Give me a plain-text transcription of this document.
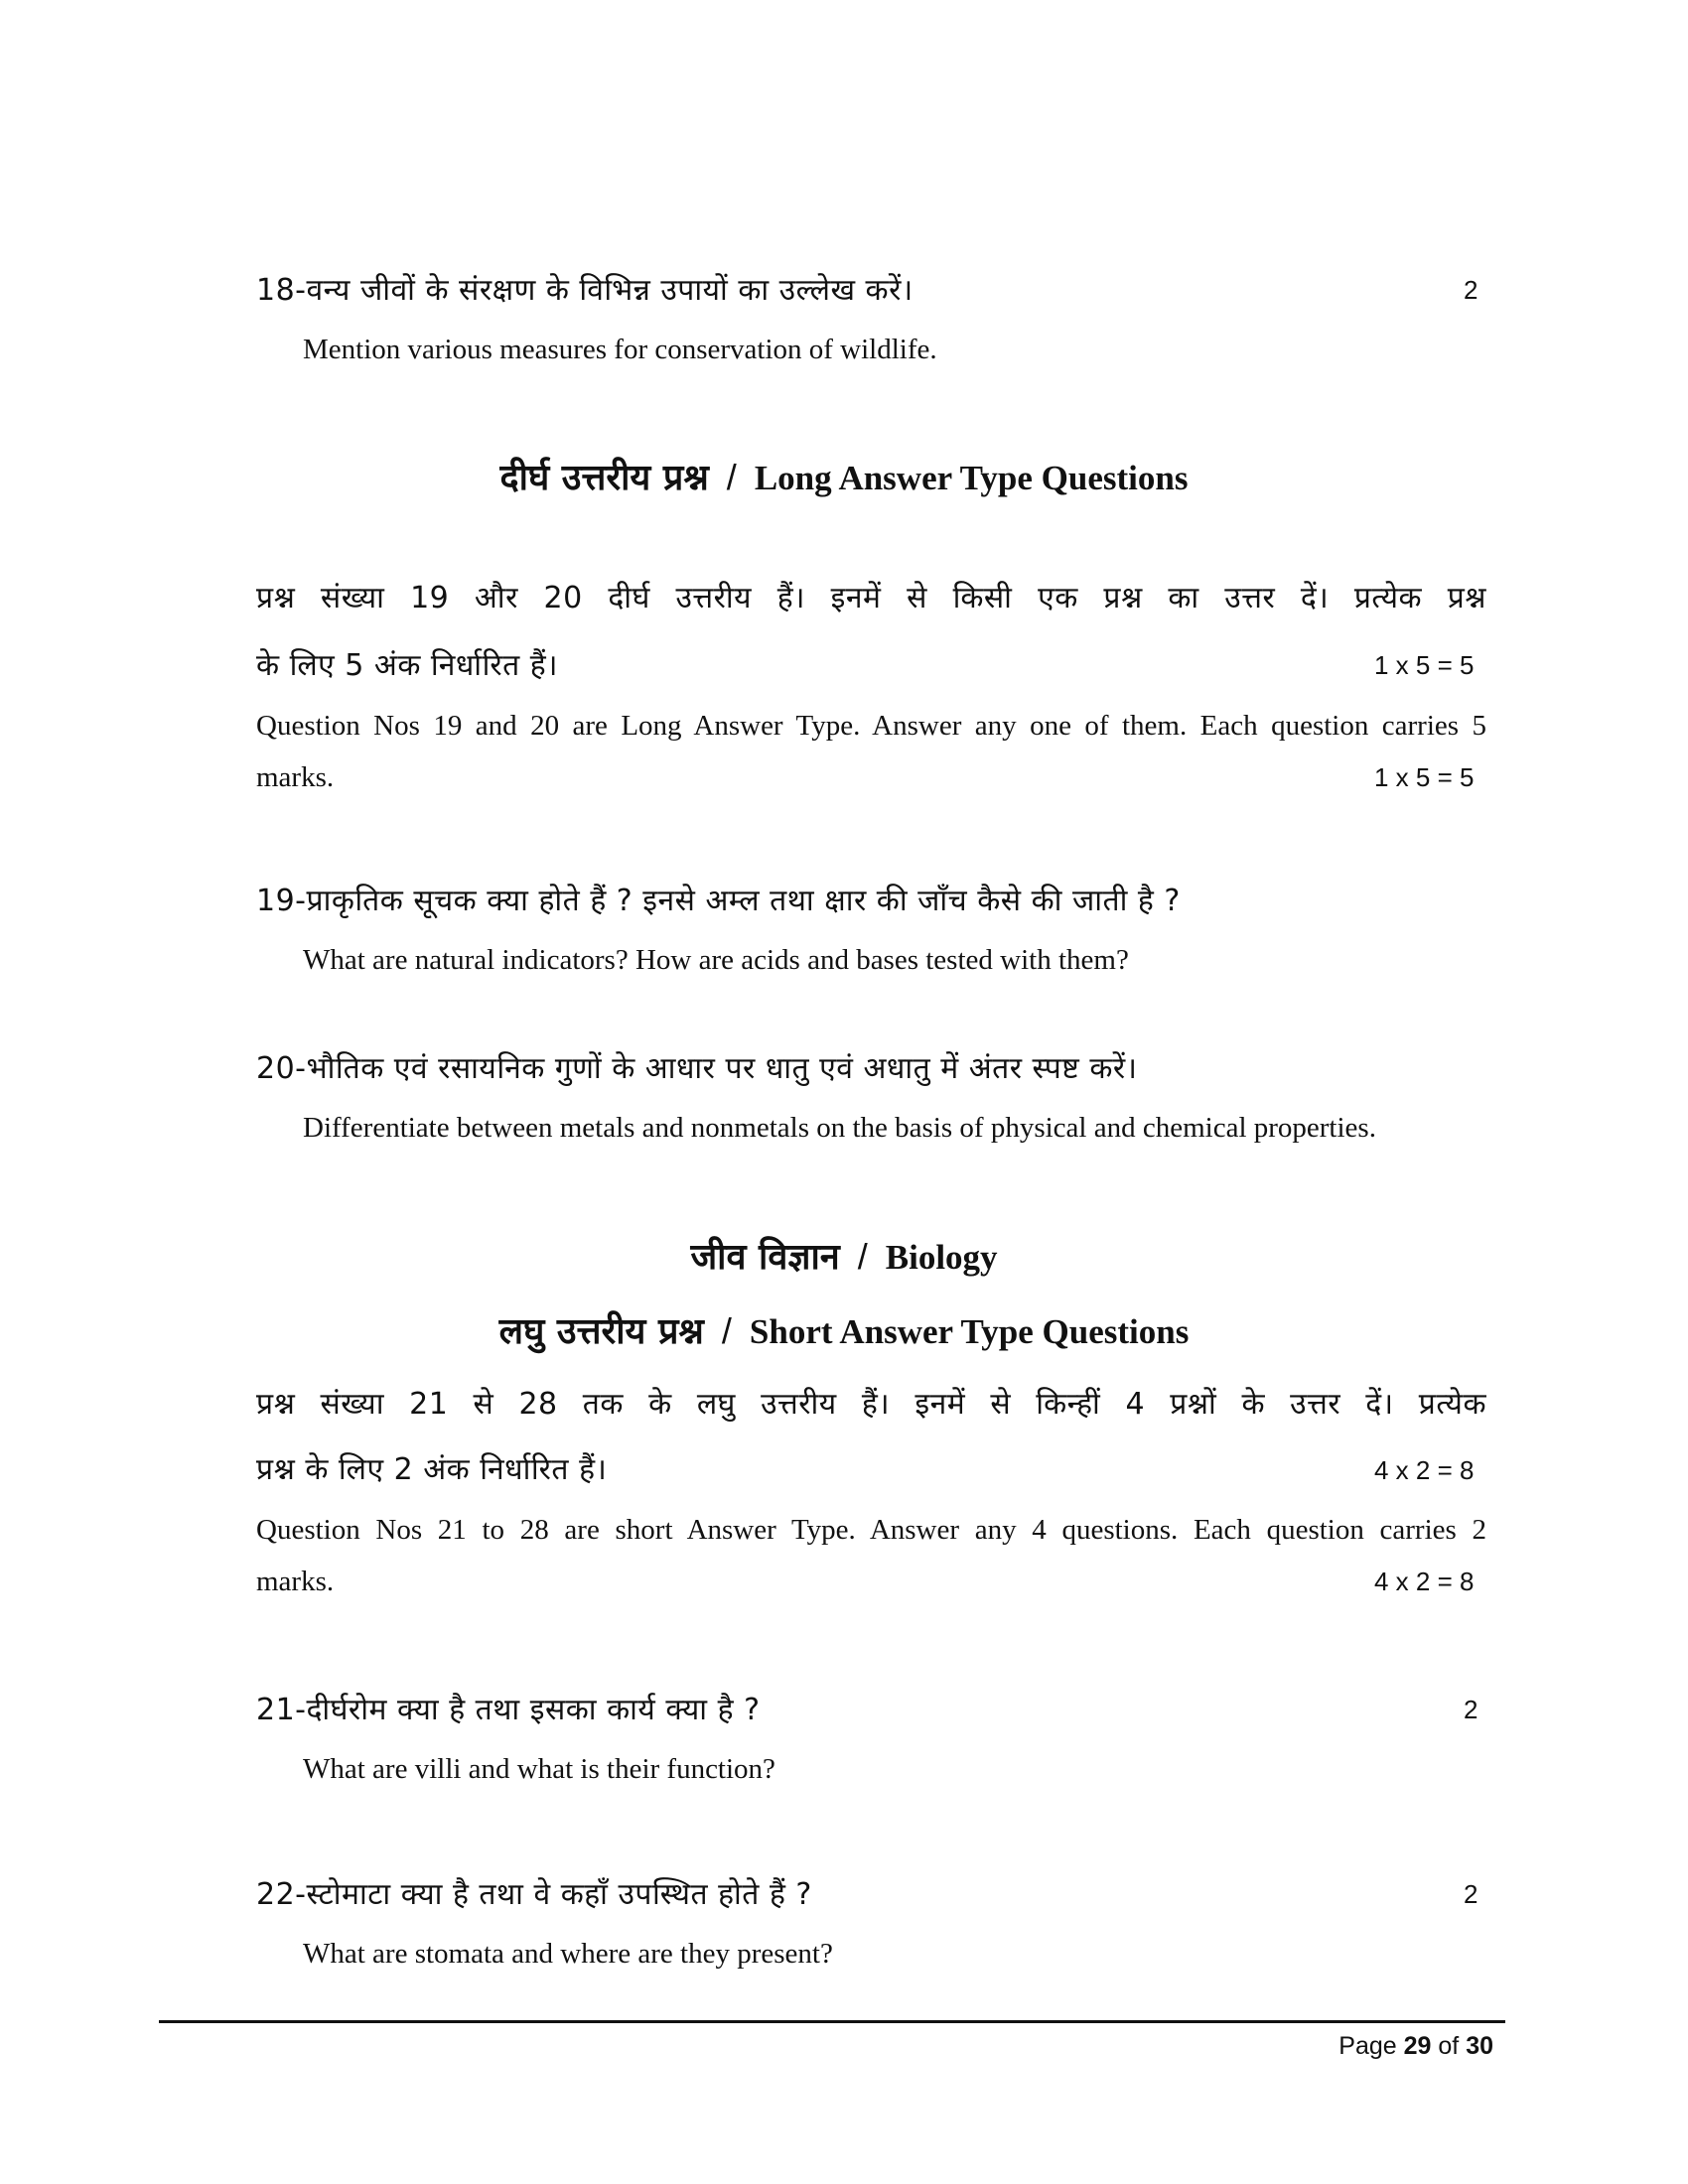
18-वन्य जीवों के संरक्षण के विभिन्न उपायों का उल्लेख करें।	2
Mention various measures for conservation of wildlife.
दीर्घ उत्तरीय प्रश्न / Long Answer Type Questions
प्रश्न संख्या 19 और 20 दीर्घ उत्तरीय हैं। इनमें से किसी एक प्रश्न का उत्तर दें। प्रत्येक प्रश्न
के लिए 5 अंक निर्धारित हैं।	1 x 5 = 5
Question Nos 19 and 20 are Long Answer Type. Answer any one of them. Each question carries 5
marks.	1 x 5 = 5
19-प्राकृतिक सूचक क्या होते हैं ? इनसे अम्ल तथा क्षार की जाँच कैसे की जाती है ?
What are natural indicators? How are acids and bases tested with them?
20-भौतिक एवं रसायनिक गुणों के आधार पर धातु एवं अधातु में अंतर स्पष्ट करें।
Differentiate between metals and nonmetals on the basis of physical and chemical properties.
जीव विज्ञान / Biology
लघु उत्तरीय प्रश्न / Short Answer Type Questions
प्रश्न संख्या 21 से 28 तक के लघु उत्तरीय हैं। इनमें से किन्हीं 4 प्रश्नों के उत्तर दें। प्रत्येक
प्रश्न के लिए 2 अंक निर्धारित हैं।	4 x 2 = 8
Question Nos 21 to 28 are short Answer Type. Answer any 4 questions. Each question carries 2
marks.	4 x 2 = 8
21-दीर्घरोम क्या है तथा इसका कार्य क्या है ?	2
What are villi and what is their function?
22-स्टोमाटा क्या है तथा वे कहाँ उपस्थित होते हैं ?	2
What are stomata and where are they present?
Page 29 of 30
